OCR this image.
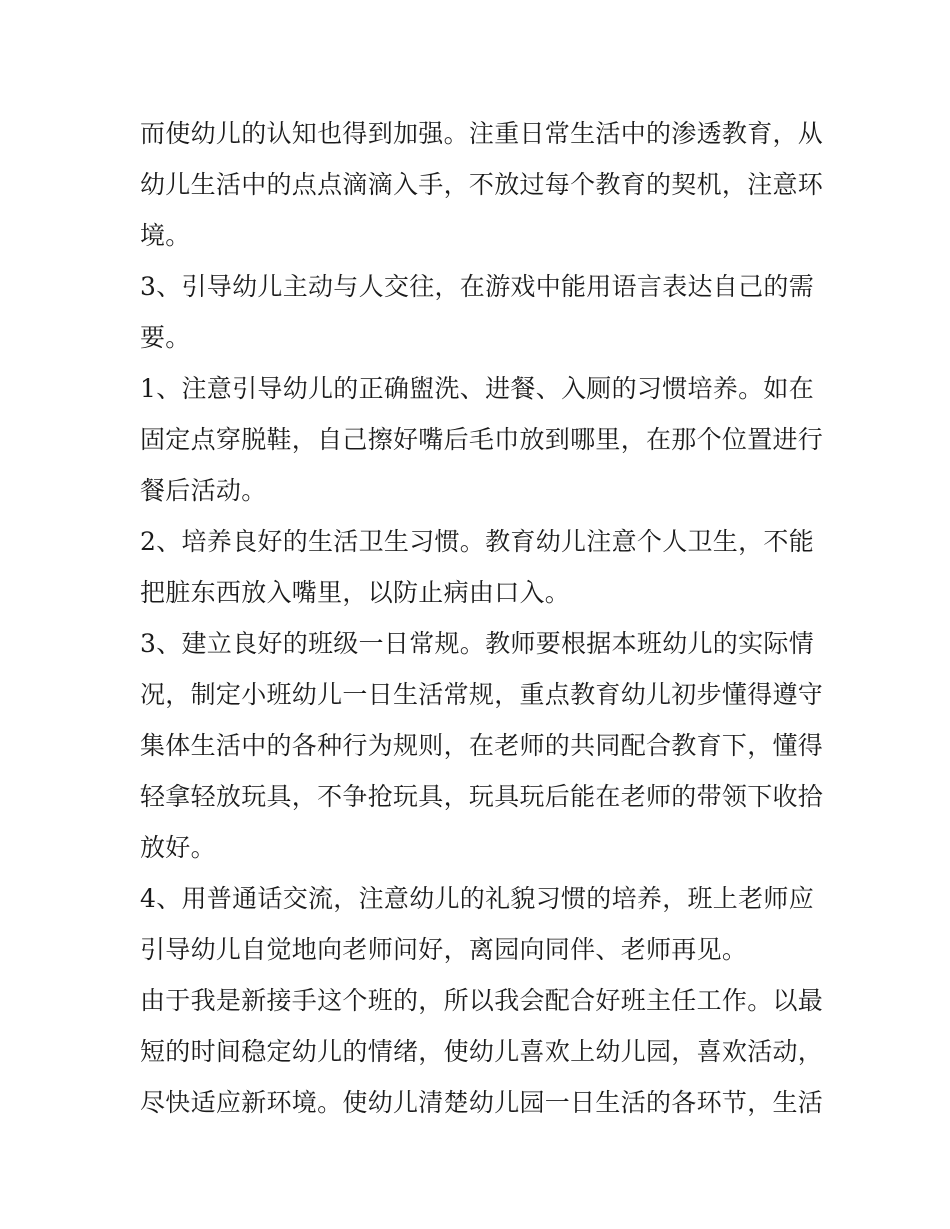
而使幼儿的认知也得到加强。注重日常生活中的渗透教育，从
幼儿生活中的点点滴滴入手，不放过每个教育的契机，注意环
境。
3、引导幼儿主动与人交往，在游戏中能用语言表达自己的需
要。
1、注意引导幼儿的正确盥洗、进餐、入厕的习惯培养。如在
固定点穿脱鞋，自己擦好嘴后毛巾放到哪里，在那个位置进行
餐后活动。
2、培养良好的生活卫生习惯。教育幼儿注意个人卫生，不能
把脏东西放入嘴里，以防止病由口入。
3、建立良好的班级一日常规。教师要根据本班幼儿的实际情
况，制定小班幼儿一日生活常规，重点教育幼儿初步懂得遵守
集体生活中的各种行为规则，在老师的共同配合教育下，懂得
轻拿轻放玩具，不争抢玩具，玩具玩后能在老师的带领下收拾
放好。
4、用普通话交流，注意幼儿的礼貌习惯的培养，班上老师应
引导幼儿自觉地向老师问好，离园向同伴、老师再见。
由于我是新接手这个班的，所以我会配合好班主任工作。以最
短的时间稳定幼儿的情绪，使幼儿喜欢上幼儿园，喜欢活动，
尽快适应新环境。使幼儿清楚幼儿园一日生活的各环节，生活
